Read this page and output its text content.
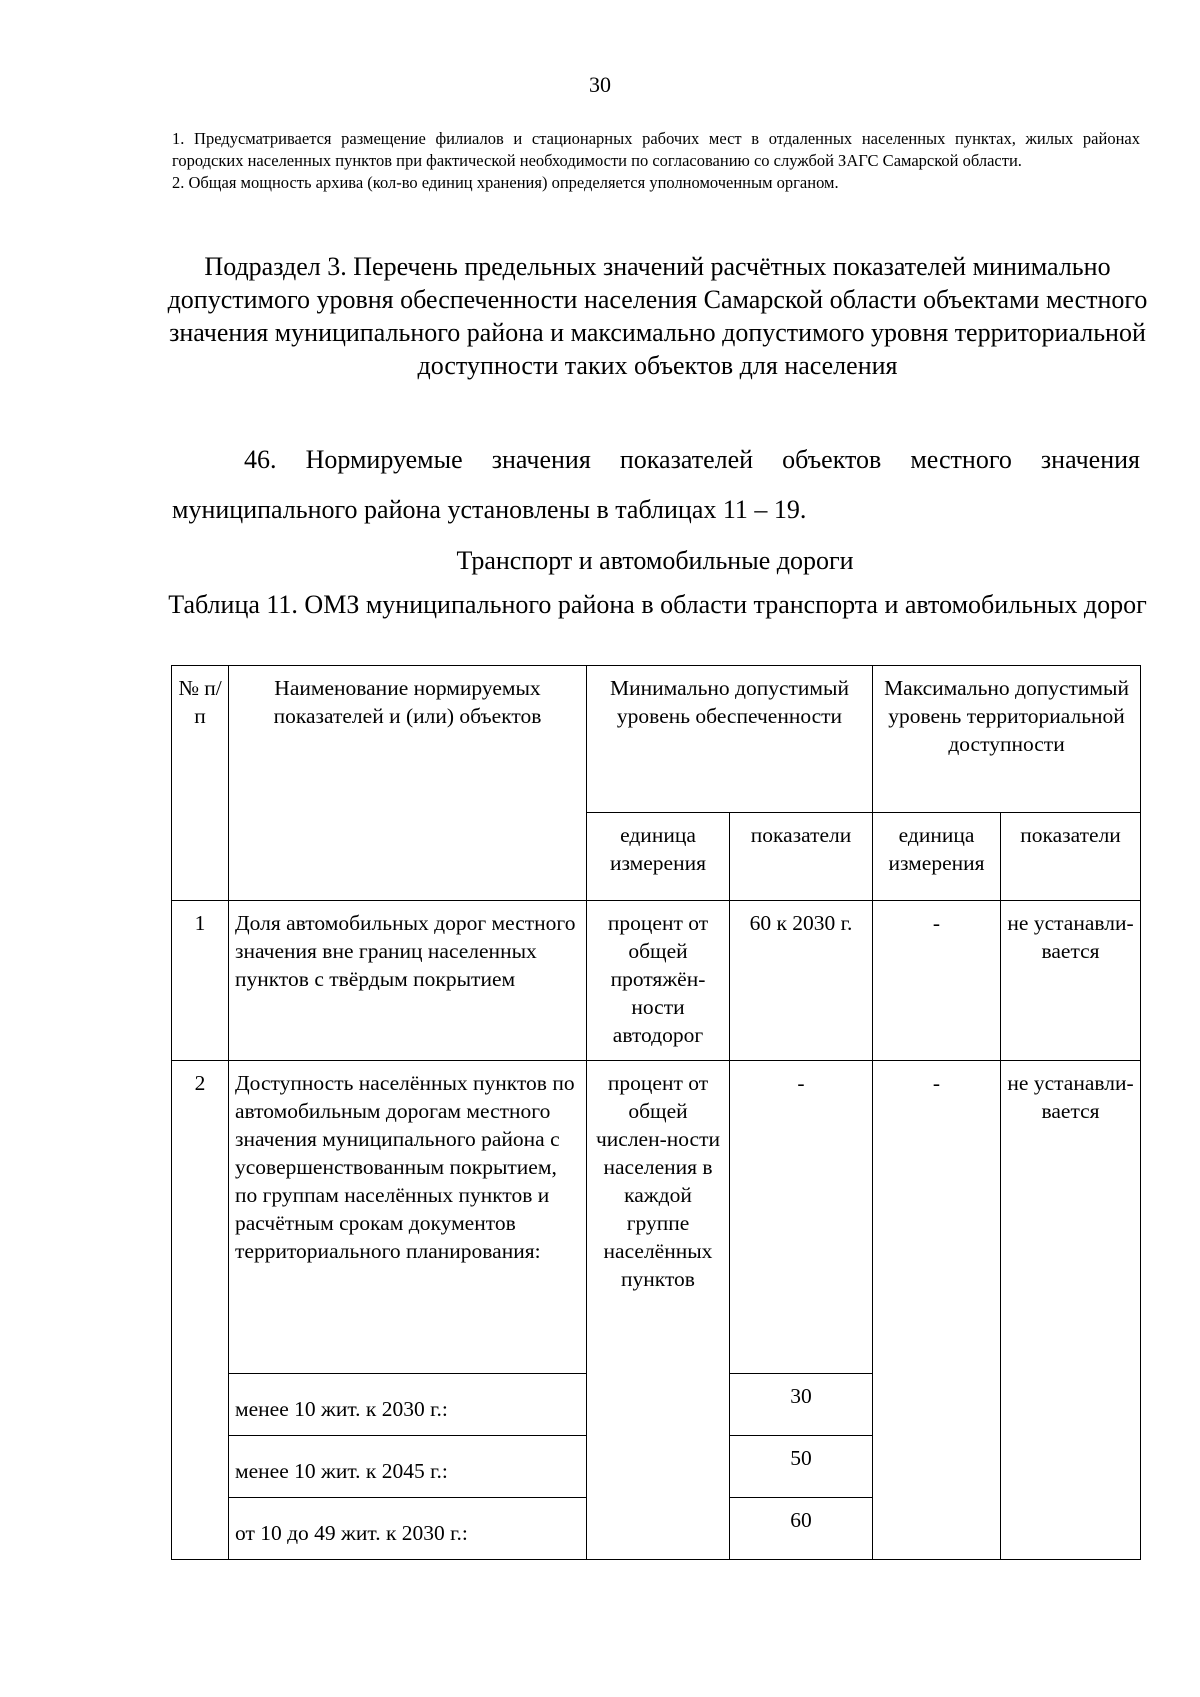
30
1. Предусматривается размещение филиалов и стационарных рабочих мест в отдаленных населенных пунктах, жилых районах городских населенных пунктов при фактической необходимости по согласованию со службой ЗАГС Самарской области.
2. Общая мощность архива (кол-во единиц хранения) определяется уполномоченным органом.
Подраздел 3. Перечень предельных значений расчётных показателей минимально допустимого уровня обеспеченности населения Самарской области объектами местного значения муниципального района и максимально допустимого уровня территориальной доступности таких объектов для населения
46. Нормируемые значения показателей объектов местного значения муниципального района установлены в таблицах 11 – 19.
Транспорт и автомобильные дороги
Таблица 11. ОМЗ муниципального района в области транспорта и автомобильных дорог
№ п/п	Наименование нормируемых показателей и (или) объектов	Минимально допустимый уровень обеспеченности		Максимально допустимый уровень территориальной доступности	
		единица измерения	показатели	единица измерения	показатели
1	Доля автомобильных дорог местного значения вне границ населенных пунктов с твёрдым покрытием	процент от общей протяжён-ности автодорог	60 к 2030 г.	-	не устанавли-вается
2	Доступность населённых пунктов по автомобильным дорогам местного значения муниципального района с усовершенствованным покрытием, по группам населённых пунктов и расчётным срокам документов территориального планирования:	процент от общей числен-ности населения в каждой группе населённых пунктов	-	-	не устанавли-вается
	менее 10 жит. к 2030 г.:		30		
	менее 10 жит. к 2045 г.:		50		
	от 10 до 49 жит. к 2030 г.:		60		
